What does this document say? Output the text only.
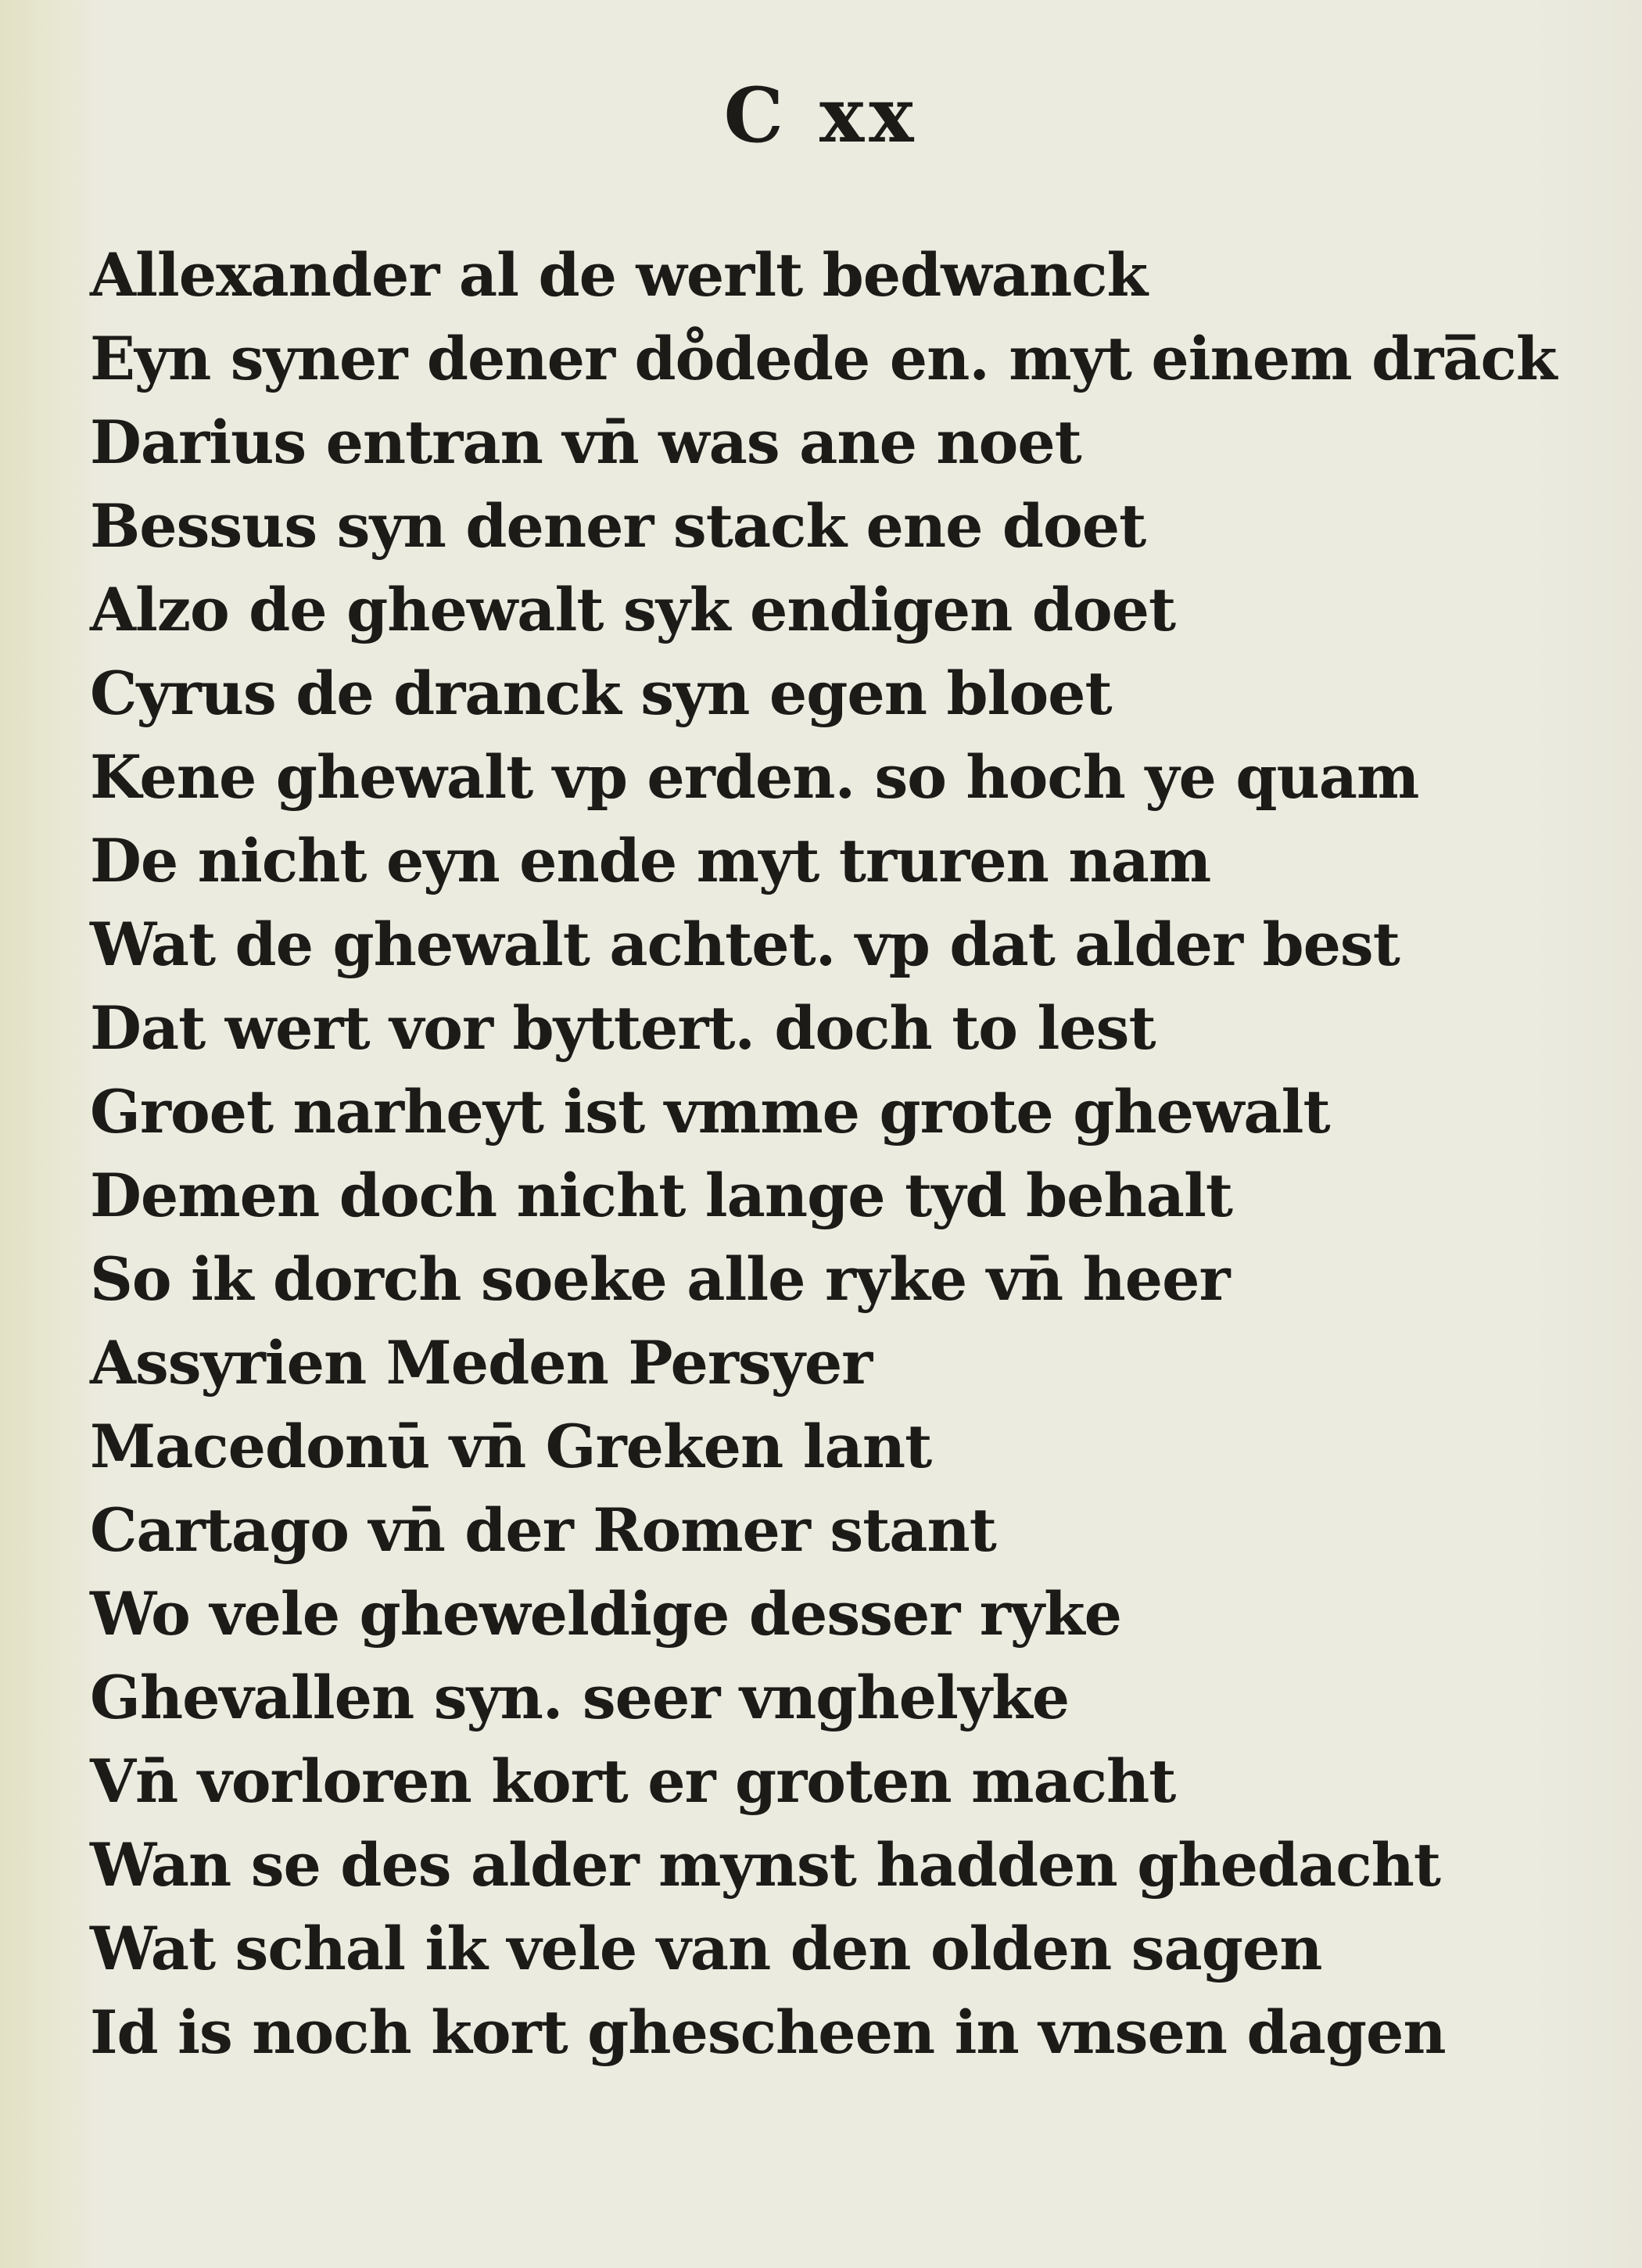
C xx
Allexander al de werlt bedwanck
Eyn syner dener do̊dede en. myt einem dra̅ck
Darius entran vn̄ was ane noet
Bessus syn dener stack ene doet
Alzo de ghewalt syk endigen doet
Cyrus de dranck syn egen bloet
Kene ghewalt vp erden. so hoch ye quam
De nicht eyn ende myt truren nam
Wat de ghewalt achtet. vp dat alder best
Dat wert vor byttert. doch to lest
Groet narheyt ist vmme grote ghewalt
Demen doch nicht lange tyd behalt
So ik dorch soeke alle ryke vn̄ heer
Assyrien Meden Persyer
Macedonū vn̄ Greken lant
Cartago vn̄ der Romer stant
Wo vele gheweldige desser ryke
Ghevallen syn. seer vnghelyke
Vn̄ vorloren kort er groten macht
Wan se des alder mynst hadden ghedacht
Wat schal ik vele van den olden sagen
Id is noch kort ghescheen in vnsen dagen
